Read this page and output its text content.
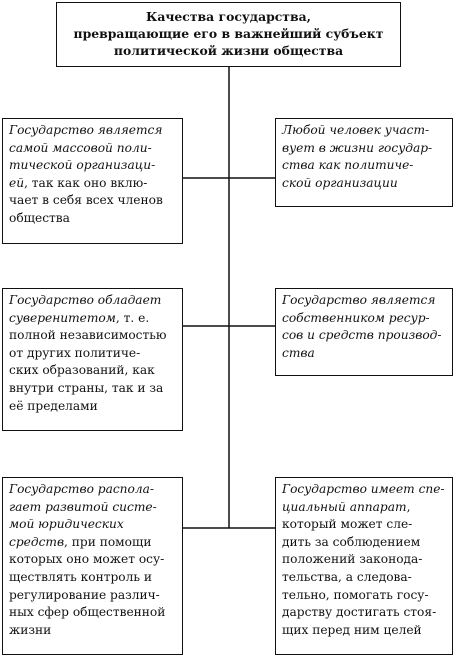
Качества государства,
превращающие его в важнейший субъект
политической жизни общества
Государство является
самой массовой поли-
тической организаци-
ей, так как оно вклю-
чает в себя всех членов
общества
Государство обладает
суверенитетом, т. е.
полной независимостью
от других политиче-
ских образований, как
внутри страны, так и за
её пределами
Государство распола-
гает развитой систе-
мой юридических
средств, при помощи
которых оно может осу-
ществлять контроль и
регулирование различ-
ных сфер общественной
жизни
Любой человек участ-
вует в жизни государ-
ства как политиче-
ской организации
Государство является
собственником ресур-
сов и средств производ-
ства
Государство имеет спе-
циальный аппарат,
который может сле-
дить за соблюдением
положений законода-
тельства, а следова-
тельно, помогать госу-
дарству достигать стоя-
щих перед ним целей
